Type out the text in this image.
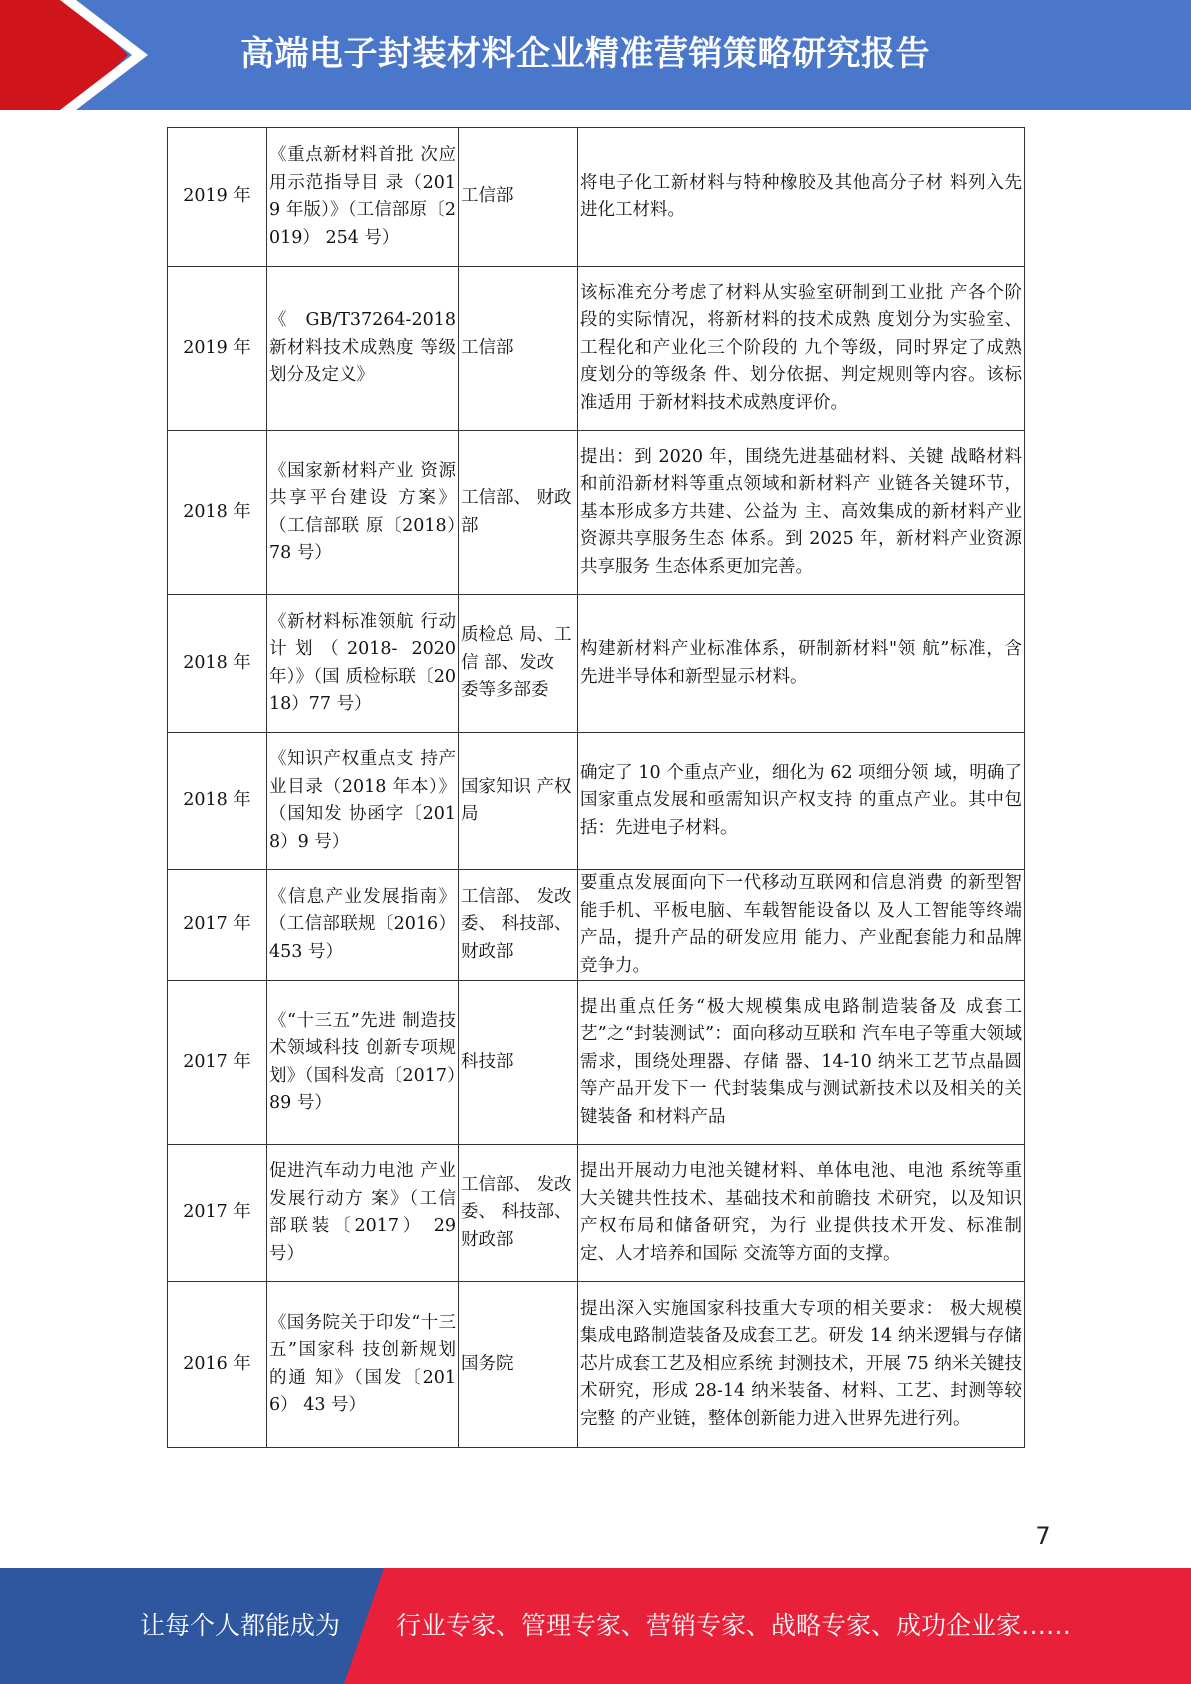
高端电子封装材料企业精准营销策略研究报告
2019 年	《重点新材料首批 次应用示范指导目 录（2019 年版）》（工信部原〔2019） 254 号）	工信部	将电子化工新材料与特种橡胶及其他高分子材 料列入先进化工材料。
2019 年	《GB/T37264-2018 新材料技术成熟度 等级划分及定义》	工信部	该标准充分考虑了材料从实验室研制到工业批 产各个阶段的实际情况，将新材料的技术成熟 度划分为实验室、工程化和产业化三个阶段的 九个等级，同时界定了成熟度划分的等级条 件、划分依据、判定规则等内容。该标准适用 于新材料技术成熟度评价。
2018 年	《国家新材料产业 资源共享平台建设 方案》（工信部联 原〔2018）78 号）	工信部、 财政部	提出：到 2020 年，围绕先进基础材料、关键 战略材料和前沿新材料等重点领域和新材料产 业链各关键环节，基本形成多方共建、公益为 主、高效集成的新材料产业资源共享服务生态 体系。到 2025 年，新材料产业资源共享服务 生态体系更加完善。
2018 年	《新材料标准领航 行动计划（2018- 2020 年）》（国 质检标联〔2018）77 号）	质检总 局、工信 部、发改 委等多部委	构建新材料产业标准体系，研制新材料"领 航”标准，含先进半导体和新型显示材料。
2018 年	《知识产权重点支 持产业目录（2018 年本）》（国知发 协函字〔2018）9 号）	国家知识 产权局	确定了 10 个重点产业，细化为 62 项细分领 域，明确了国家重点发展和亟需知识产权支持 的重点产业。其中包括：先进电子材料。
2017 年	《信息产业发展指南》（工信部联规〔2016） 453 号）	工信部、 发改委、 科技部、 财政部	要重点发展面向下一代移动互联网和信息消费 的新型智能手机、平板电脑、车载智能设备以 及人工智能等终端产品，提升产品的研发应用 能力、产业配套能力和品牌竞争力。
2017 年	《“十三五”先进 制造技术领域科技 创新专项规划》（国科发高〔2017）89 号）	科技部	提出重点任务“极大规模集成电路制造装备及 成套工艺”之“封装测试”：面向移动互联和 汽车电子等重大领域需求，围绕处理器、存储 器、14-10 纳米工艺节点晶圆等产品开发下一 代封装集成与测试新技术以及相关的关键装备 和材料产品
2017 年	促进汽车动力电池 产业发展行动方 案》（工信部联装〔2017） 29 号）	工信部、 发改委、 科技部、 财政部	提出开展动力电池关键材料、单体电池、电池 系统等重大关键共性技术、基础技术和前瞻技 术研究，以及知识产权布局和储备研究，为行 业提供技术开发、标准制定、人才培养和国际 交流等方面的支撑。
2016 年	《国务院关于印发“十三五”国家科 技创新规划的通 知》（国发〔2016） 43 号）	国务院	提出深入实施国家科技重大专项的相关要求： 极大规模集成电路制造装备及成套工艺。研发 14 纳米逻辑与存储芯片成套工艺及相应系统 封测技术，开展 75 纳米关键技术研究，形成 28-14 纳米装备、材料、工艺、封测等较完整 的产业链，整体创新能力进入世界先进行列。
7
让每个人都能成为	行业专家、管理专家、营销专家、战略专家、成功企业家……
